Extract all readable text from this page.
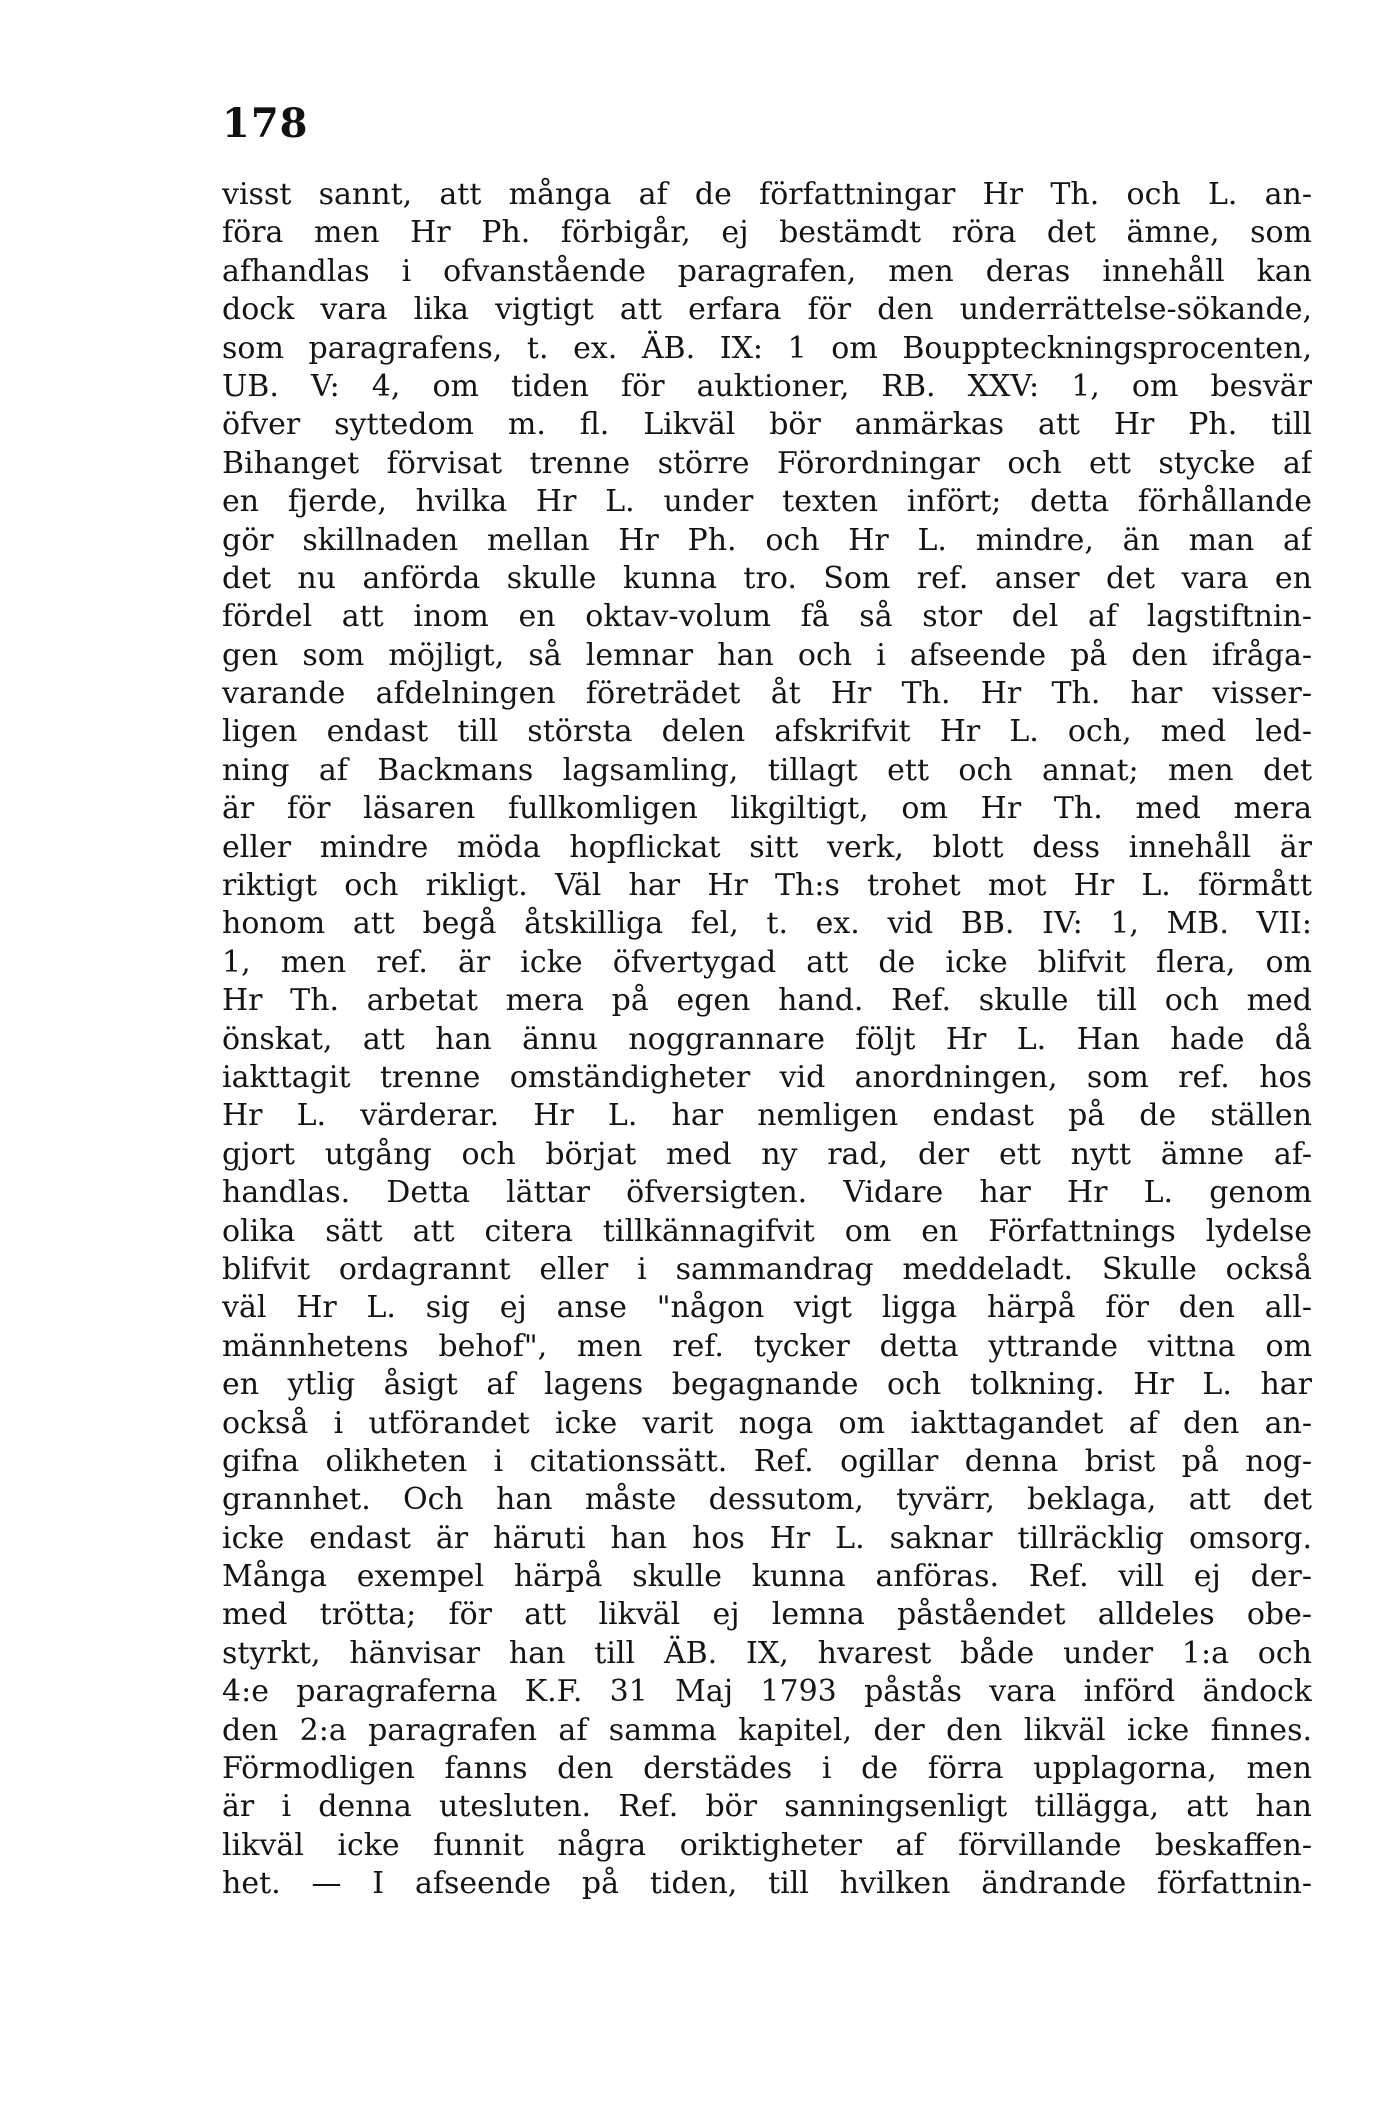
178
visst sannt, att många af de författningar Hr Th. och L. an-
föra men Hr Ph. förbigår, ej bestämdt röra det ämne, som
afhandlas i ofvanstående paragrafen, men deras innehåll kan
dock vara lika vigtigt att erfara för den underrättelse-sökande,
som paragrafens, t. ex. ÄB. IX: 1 om Bouppteckningsprocenten,
UB. V: 4, om tiden för auktioner, RB. XXV: 1, om besvär
öfver syttedom m. fl. Likväl bör anmärkas att Hr Ph. till
Bihanget förvisat trenne större Förordningar och ett stycke af
en fjerde, hvilka Hr L. under texten infört; detta förhållande
gör skillnaden mellan Hr Ph. och Hr L. mindre, än man af
det nu anförda skulle kunna tro. Som ref. anser det vara en
fördel att inom en oktav-volum få så stor del af lagstiftnin-
gen som möjligt, så lemnar han och i afseende på den ifråga-
varande afdelningen företrädet åt Hr Th. Hr Th. har visser-
ligen endast till största delen afskrifvit Hr L. och, med led-
ning af Backmans lagsamling, tillagt ett och annat; men det
är för läsaren fullkomligen likgiltigt, om Hr Th. med mera
eller mindre möda hopflickat sitt verk, blott dess innehåll är
riktigt och rikligt. Väl har Hr Th:s trohet mot Hr L. förmått
honom att begå åtskilliga fel, t. ex. vid BB. IV: 1, MB. VII:
1, men ref. är icke öfvertygad att de icke blifvit flera, om
Hr Th. arbetat mera på egen hand. Ref. skulle till och med
önskat, att han ännu noggrannare följt Hr L. Han hade då
iakttagit trenne omständigheter vid anordningen, som ref. hos
Hr L. värderar. Hr L. har nemligen endast på de ställen
gjort utgång och börjat med ny rad, der ett nytt ämne af-
handlas. Detta lättar öfversigten. Vidare har Hr L. genom
olika sätt att citera tillkännagifvit om en Författnings lydelse
blifvit ordagrannt eller i sammandrag meddeladt. Skulle också
väl Hr L. sig ej anse "någon vigt ligga härpå för den all-
männhetens behof", men ref. tycker detta yttrande vittna om
en ytlig åsigt af lagens begagnande och tolkning. Hr L. har
också i utförandet icke varit noga om iakttagandet af den an-
gifna olikheten i citationssätt. Ref. ogillar denna brist på nog-
grannhet. Och han måste dessutom, tyvärr, beklaga, att det
icke endast är häruti han hos Hr L. saknar tillräcklig omsorg.
Många exempel härpå skulle kunna anföras. Ref. vill ej der-
med trötta; för att likväl ej lemna påståendet alldeles obe-
styrkt, hänvisar han till ÄB. IX, hvarest både under 1:a och
4:e paragraferna K.F. 31 Maj 1793 påstås vara införd ändock
den 2:a paragrafen af samma kapitel, der den likväl icke finnes.
Förmodligen fanns den derstädes i de förra upplagorna, men
är i denna utesluten. Ref. bör sanningsenligt tillägga, att han
likväl icke funnit några oriktigheter af förvillande beskaffen-
het. — I afseende på tiden, till hvilken ändrande författnin-
